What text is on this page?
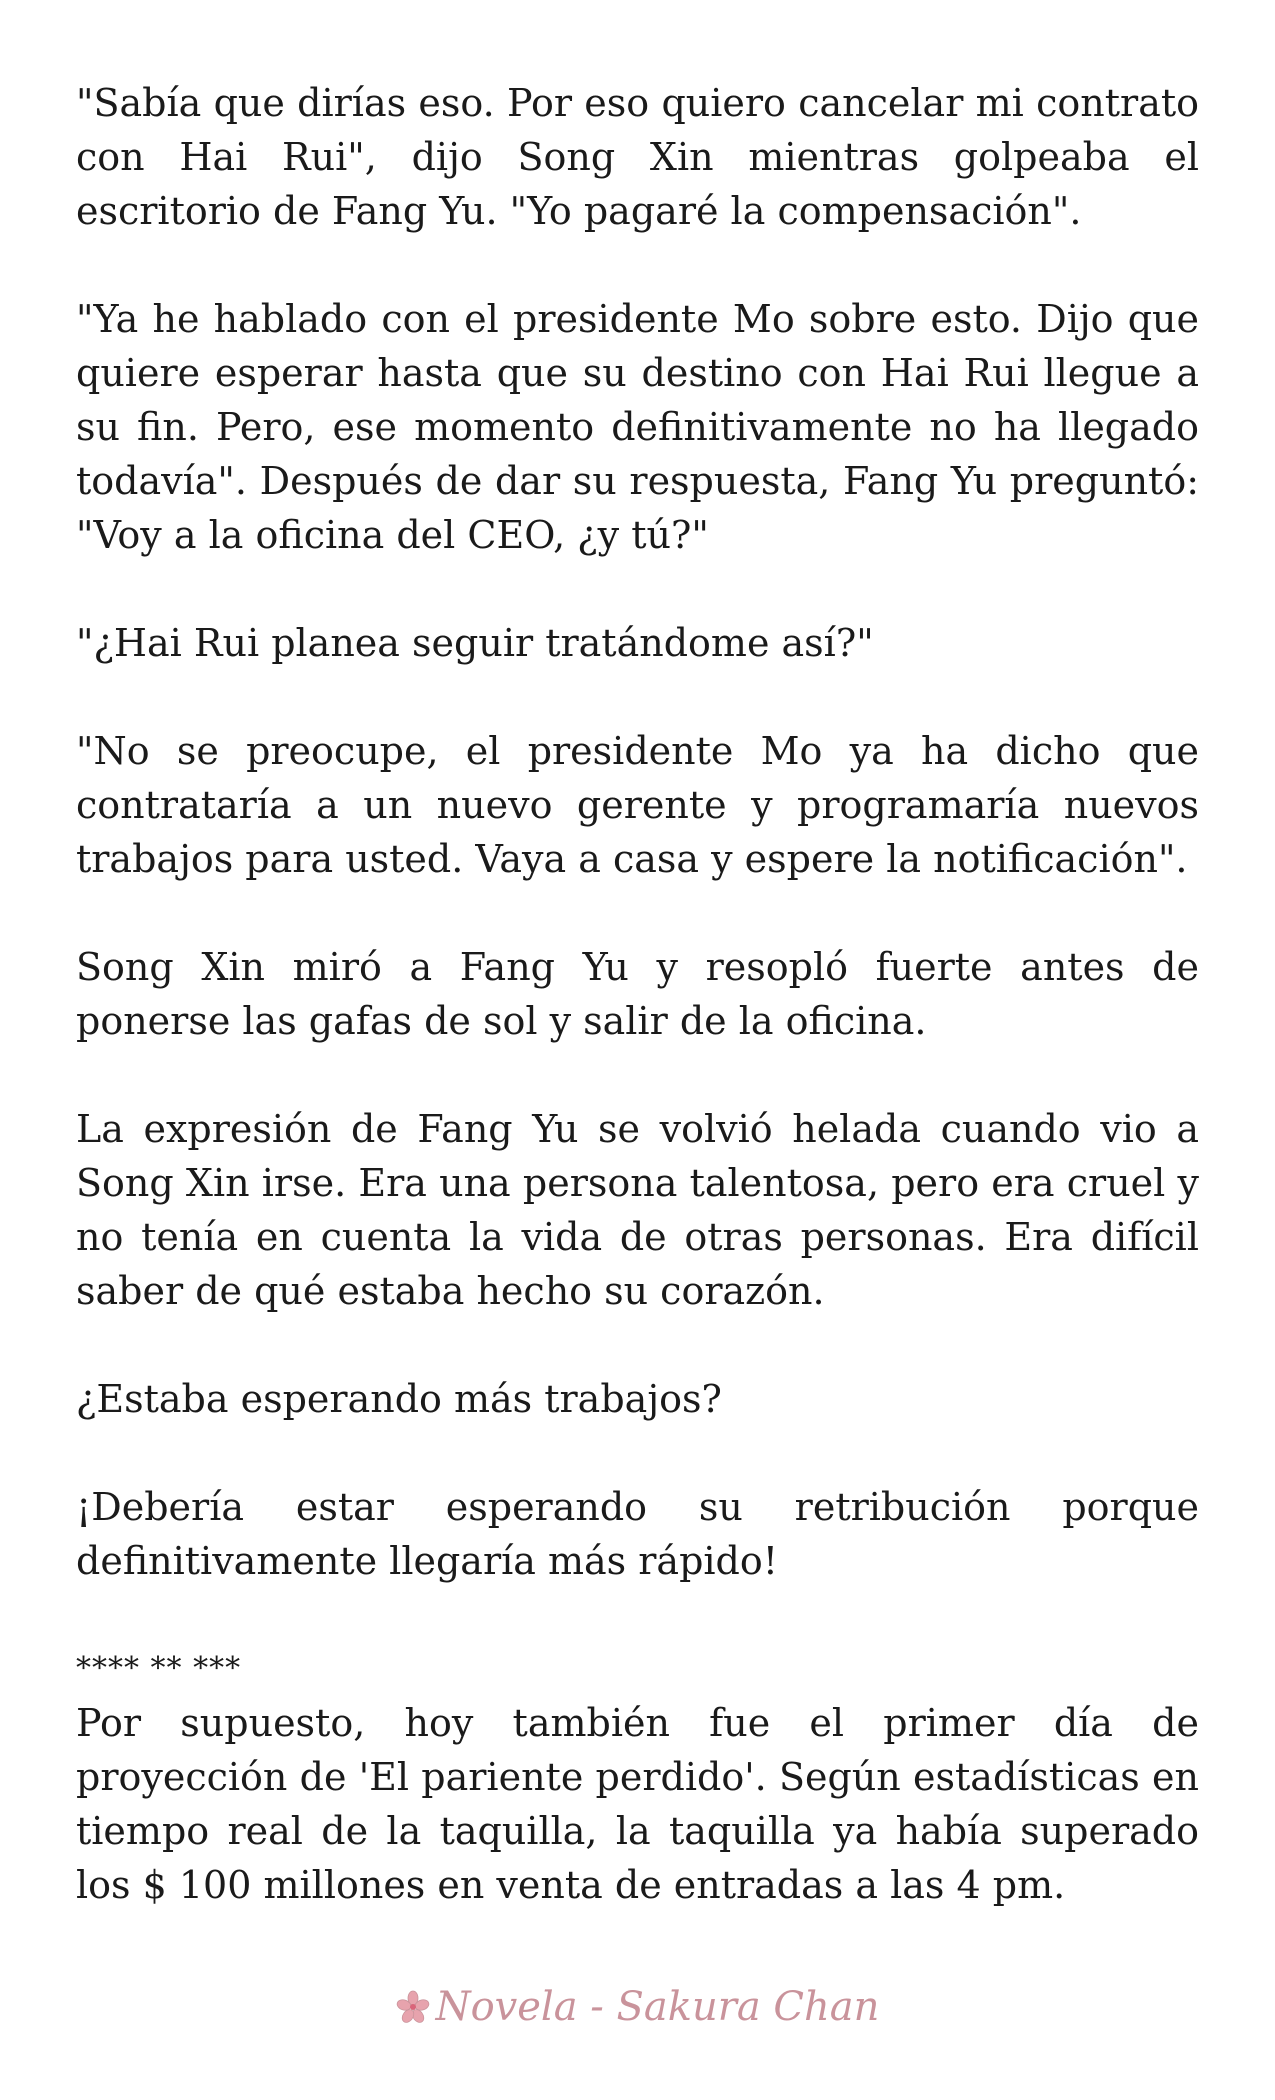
"Sabía que dirías eso. Por eso quiero cancelar mi contrato con Hai Rui", dijo Song Xin mientras golpeaba el escritorio de Fang Yu. "Yo pagaré la compensación".

"Ya he hablado con el presidente Mo sobre esto. Dijo que quiere esperar hasta que su destino con Hai Rui llegue a su fin. Pero, ese momento definitivamente no ha llegado todavía". Después de dar su respuesta, Fang Yu preguntó: "Voy a la oficina del CEO, ¿y tú?"

"¿Hai Rui planea seguir tratándome así?"

"No se preocupe, el presidente Mo ya ha dicho que contrataría a un nuevo gerente y programaría nuevos trabajos para usted. Vaya a casa y espere la notificación".

Song Xin miró a Fang Yu y resopló fuerte antes de ponerse las gafas de sol y salir de la oficina.

La expresión de Fang Yu se volvió helada cuando vio a Song Xin irse. Era una persona talentosa, pero era cruel y no tenía en cuenta la vida de otras personas. Era difícil saber de qué estaba hecho su corazón.

¿Estaba esperando más trabajos?

¡Debería estar esperando su retribución porque definitivamente llegaría más rápido!

**** ** ***

Por supuesto, hoy también fue el primer día de proyección de 'El pariente perdido'. Según estadísticas en tiempo real de la taquilla, la taquilla ya había superado los $ 100 millones en venta de entradas a las 4 pm.

Novela - Sakura Chan
